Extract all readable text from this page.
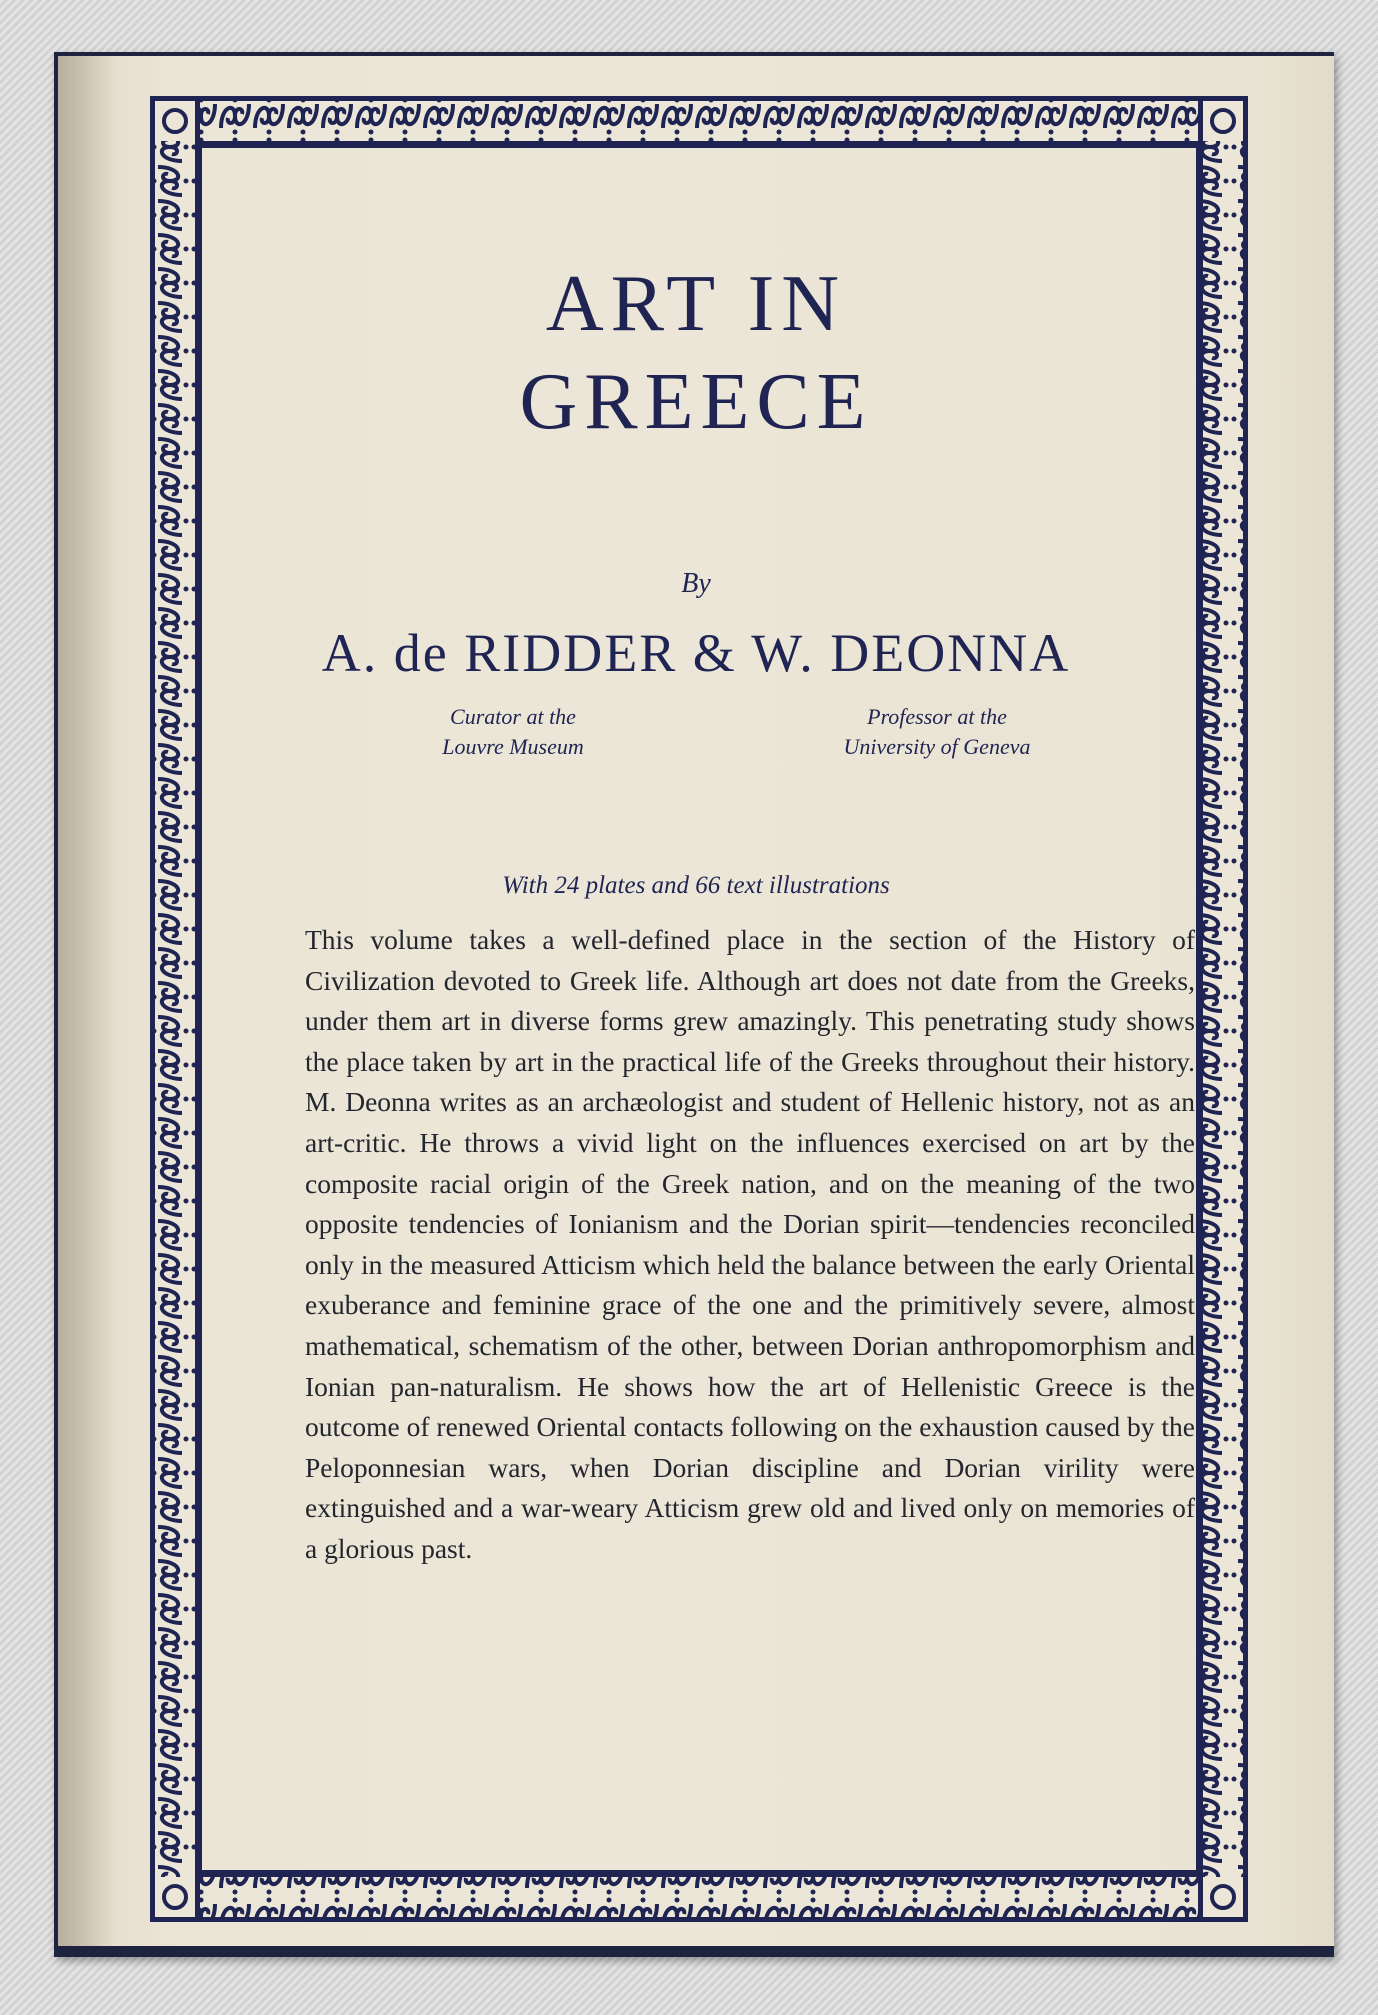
ART IN
GREECE
By
A. de RIDDER & W. DEONNA
Curator at the
Louvre Museum
Professor at the
University of Geneva
With 24 plates and 66 text illustrations
This volume takes a well-defined place in the section of the History of Civilization devoted to Greek life. Although art does not date from the Greeks, under them art in diverse forms grew amazingly. This penetrating study shows the place taken by art in the practical life of the Greeks throughout their history. M. Deonna writes as an archæologist and student of Hellenic history, not as an art-critic. He throws a vivid light on the influences exercised on art by the composite racial origin of the Greek nation, and on the meaning of the two opposite tendencies of Ionianism and the Dorian spirit—tendencies reconciled only in the measured Atticism which held the balance between the early Oriental exuberance and feminine grace of the one and the primitively severe, almost mathematical, schematism of the other, between Dorian anthropomorphism and Ionian pan-naturalism. He shows how the art of Hellenistic Greece is the outcome of renewed Oriental contacts following on the exhaustion caused by the Peloponnesian wars, when Dorian discipline and Dorian virility were extinguished and a war-weary Atticism grew old and lived only on memories of a glorious past.
